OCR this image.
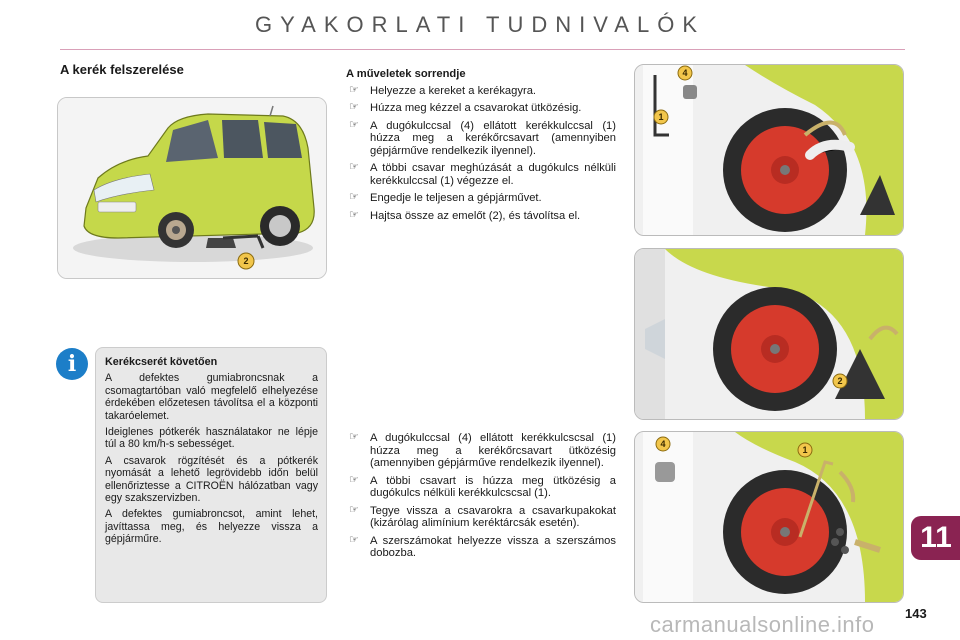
GYAKORLATI TUDNIVALÓK
A kerék felszerelése
2
i	Kerékcserét követően

A defektes gumiabroncsnak a csomagtartóban való megfelelő elhelyezése érdekében előzetesen távolítsa el a központi takaróelemet.

Ideiglenes pótkerék használatakor ne lépje túl a 80 km/h-s sebességet.

A csavarok rögzítését és a pótkerék nyomását a lehető legrövidebb időn belül ellenőriztesse a CITROËN hálózatban vagy egy szakszervizben.

A defektes gumiabroncsot, amint lehet, javíttassa meg, és helyezze vissza a gépjárműre.

A műveletek sorrendje
☞ Helyezze a kereket a kerékagyra.
☞ Húzza meg kézzel a csavarokat ütközésig.
☞ A dugókulccsal (4) ellátott kerékkulccsal (1) húzza meg a kerékőrcsavart (amennyiben gépjárműve rendelkezik ilyennel).
☞ A többi csavar meghúzását a dugókulcs nélküli kerékkulccsal (1) végezze el.
☞ Engedje le teljesen a gépjárművet.
☞ Hajtsa össze az emelőt (2), és távolítsa el.
☞ A dugókulccsal (4) ellátott kerékkulcscsal (1) húzza meg a kerékőrcsavart ütközésig (amennyiben gépjárműve rendelkezik ilyennel).
☞ A többi csavart is húzza meg ütközésig a dugókulcs nélküli kerékkulcscsal (1).
☞ Tegye vissza a csavarokra a csavarkupakokat (kizárólag alimínium keréktárcsák esetén).
☞ A szerszámokat helyezze vissza a szerszámos dobozba.
4
1
2
4
1
11
143
carmanualsonline.info
